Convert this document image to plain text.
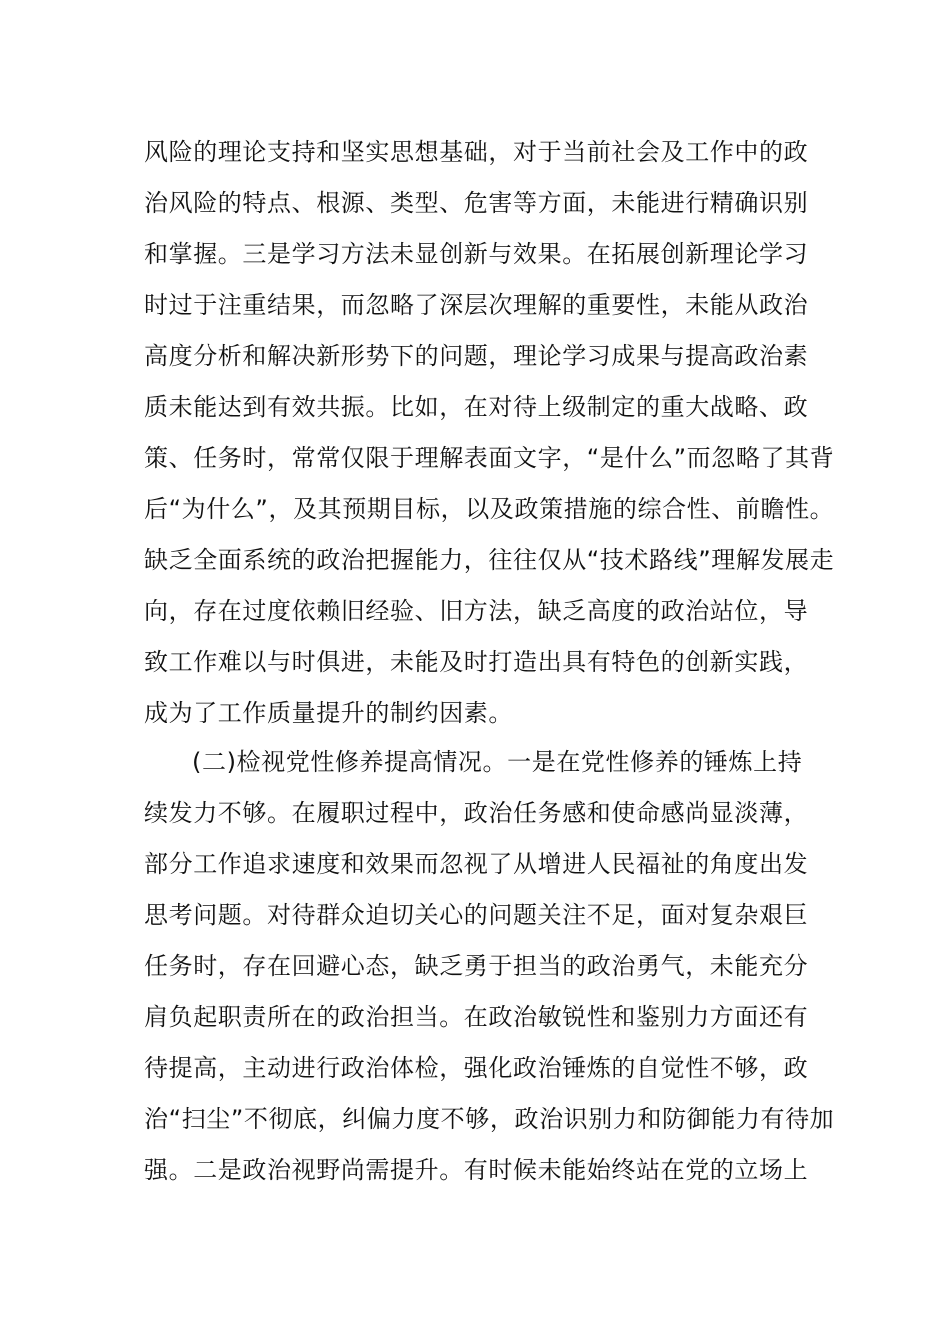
风险的理论支持和坚实思想基础，对于当前社会及工作中的政
治风险的特点、根源、类型、危害等方面，未能进行精确识别
和掌握。三是学习方法未显创新与效果。在拓展创新理论学习
时过于注重结果，而忽略了深层次理解的重要性，未能从政治
高度分析和解决新形势下的问题，理论学习成果与提高政治素
质未能达到有效共振。比如，在对待上级制定的重大战略、政
策、任务时，常常仅限于理解表面文字，“是什么”而忽略了其背
后“为什么”，及其预期目标，以及政策措施的综合性、前瞻性。
缺乏全面系统的政治把握能力，往往仅从“技术路线”理解发展走
向，存在过度依赖旧经验、旧方法，缺乏高度的政治站位，导
致工作难以与时俱进，未能及时打造出具有特色的创新实践，
成为了工作质量提升的制约因素。
(二)检视党性修养提高情况。一是在党性修养的锤炼上持
续发力不够。在履职过程中，政治任务感和使命感尚显淡薄，
部分工作追求速度和效果而忽视了从增进人民福祉的角度出发
思考问题。对待群众迫切关心的问题关注不足，面对复杂艰巨
任务时，存在回避心态，缺乏勇于担当的政治勇气，未能充分
肩负起职责所在的政治担当。在政治敏锐性和鉴别力方面还有
待提高，主动进行政治体检，强化政治锤炼的自觉性不够，政
治“扫尘”不彻底，纠偏力度不够，政治识别力和防御能力有待加
强。二是政治视野尚需提升。有时候未能始终站在党的立场上
